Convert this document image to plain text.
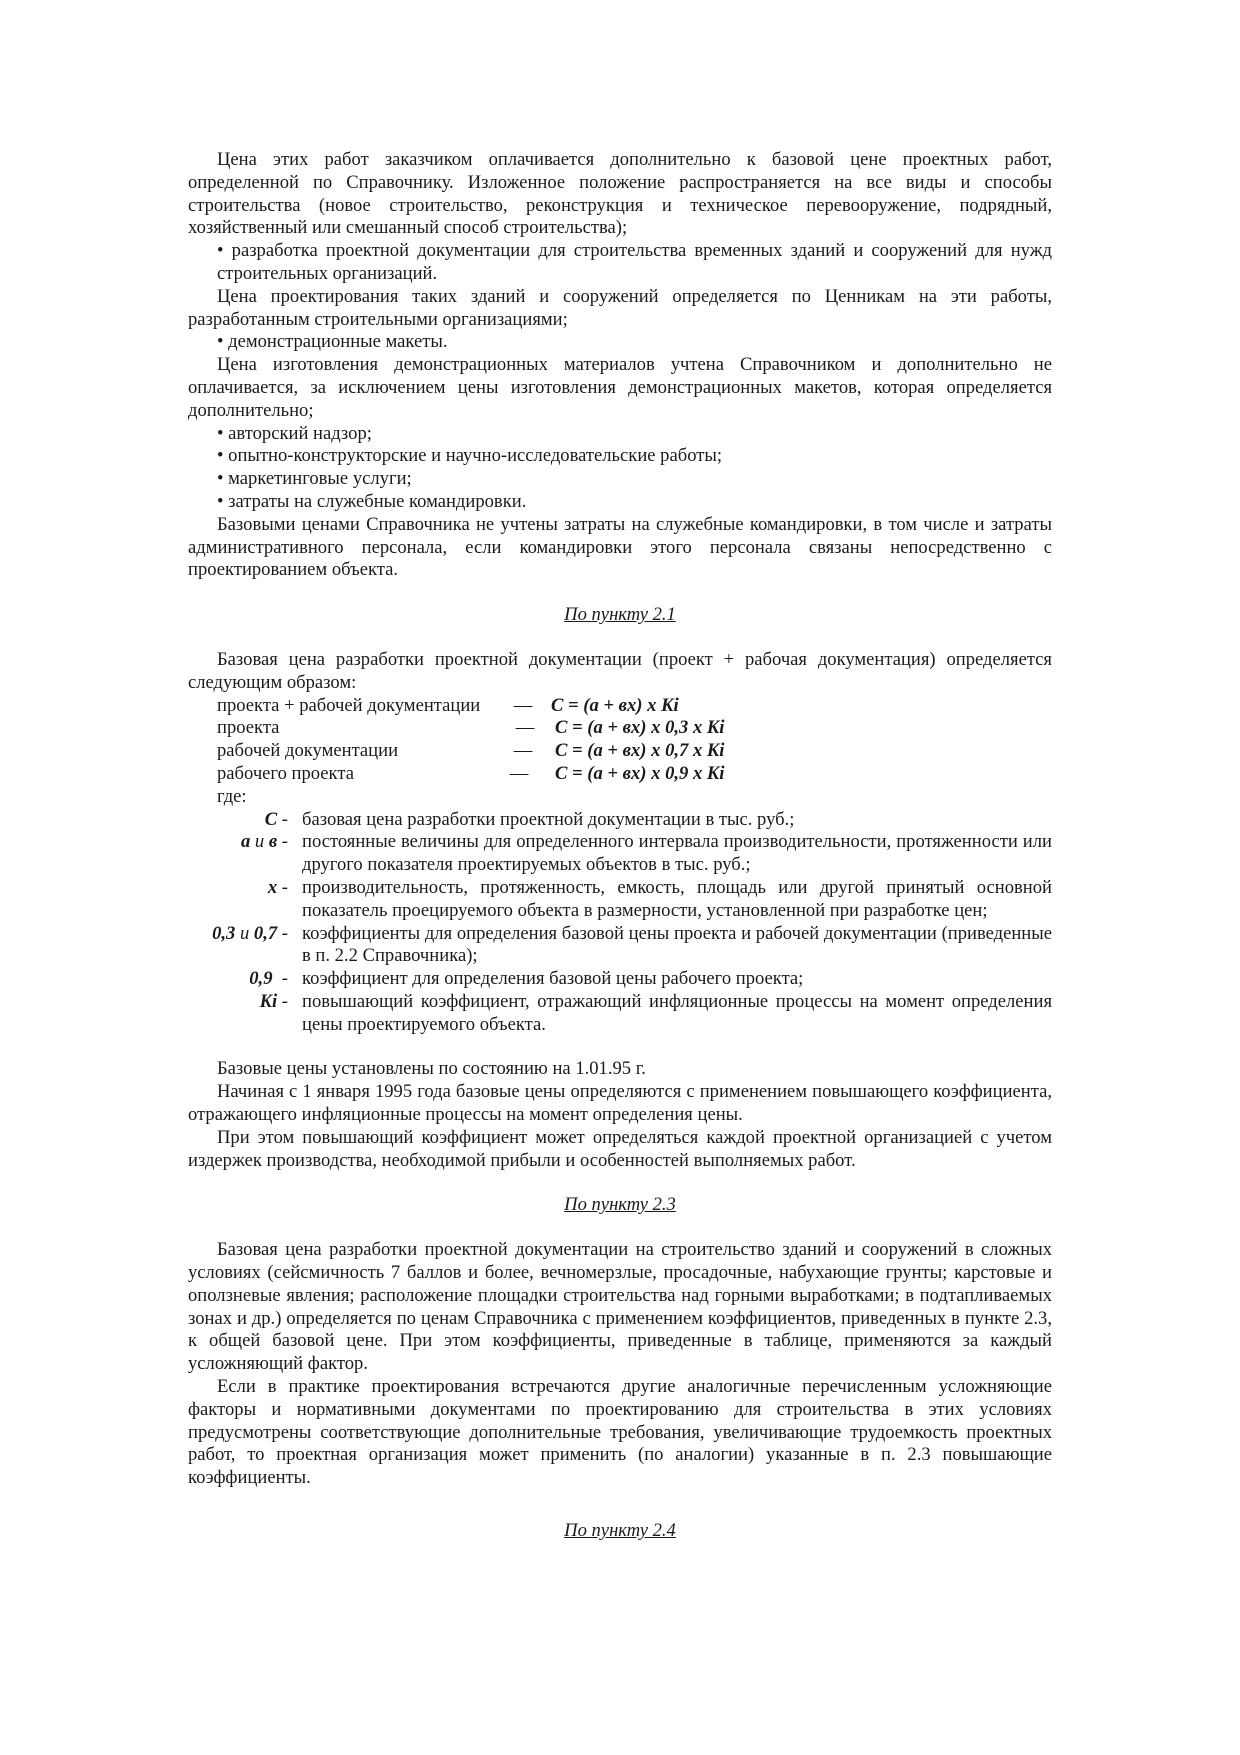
Цена этих работ заказчиком оплачивается дополнительно к базовой цене проектных работ, определенной по Справочнику. Изложенное положение распространяется на все виды и способы строительства (новое строительство, реконструкция и техническое перевооружение, подрядный, хозяйственный или смешанный способ строительства);

• разработка проектной документации для строительства временных зданий и сооружений для нужд строительных организаций.

Цена проектирования таких зданий и сооружений определяется по Ценникам на эти работы, разработанным строительными организациями;

• демонстрационные макеты.

Цена изготовления демонстрационных материалов учтена Справочником и дополнительно не оплачивается, за исключением цены изготовления демонстрационных макетов, которая определяется дополнительно;

• авторский надзор;

• опытно-конструкторские и научно-исследовательские работы;

• маркетинговые услуги;

• затраты на служебные командировки.

Базовыми ценами Справочника не учтены затраты на служебные командировки, в том числе и затраты административного персонала, если командировки этого персонала связаны непосредственно с проектированием объекта.

По пункту 2.1

Базовая цена разработки проектной документации (проект + рабочая документация) определяется следующим образом:

проекта + рабочей документации	—	С = (а + вх) х Ki
проекта	—	С = (а + вх) х 0,3 х Ki
рабочей документации	—	С = (а + вх) х 0,7 х Ki
рабочего проекта	—	С = (а + вх) х 0,9 х Ki

где:

С - базовая цена разработки проектной документации в тыс. руб.;
а и в - постоянные величины для определенного интервала производительности, протяженности или другого показателя проектируемых объектов в тыс. руб.;
х - производительность, протяженность, емкость, площадь или другой принятый основной показатель проецируемого объекта в размерности, установленной при разработке цен;
0,3 и 0,7 - коэффициенты для определения базовой цены проекта и рабочей документации (приведенные в п. 2.2 Справочника);
0,9  - коэффициент для определения базовой цены рабочего проекта;
Ki - повышающий коэффициент, отражающий инфляционные процессы на момент определения цены проектируемого объекта.

Базовые цены установлены по состоянию на 1.01.95 г.

Начиная с 1 января 1995 года базовые цены определяются с применением повышающего коэффициента, отражающего инфляционные процессы на момент определения цены.

При этом повышающий коэффициент может определяться каждой проектной организацией с учетом издержек производства, необходимой прибыли и особенностей выполняемых работ.

По пункту 2.3

Базовая цена разработки проектной документации на строительство зданий и сооружений в сложных условиях (сейсмичность 7 баллов и более, вечномерзлые, просадочные, набухающие грунты; карстовые и оползневые явления; расположение площадки строительства над горными выработками; в подтапливаемых зонах и др.) определяется по ценам Справочника с применением коэффициентов, приведенных в пункте 2.3, к общей базовой цене. При этом коэффициенты, приведенные в таблице, применяются за каждый усложняющий фактор.

Если в практике проектирования встречаются другие аналогичные перечисленным усложняющие факторы и нормативными документами по проектированию для строительства в этих условиях предусмотрены соответствующие дополнительные требования, увеличивающие трудоемкость проектных работ, то проектная организация может применить (по аналогии) указанные в п. 2.3 повышающие коэффициенты.

По пункту 2.4
